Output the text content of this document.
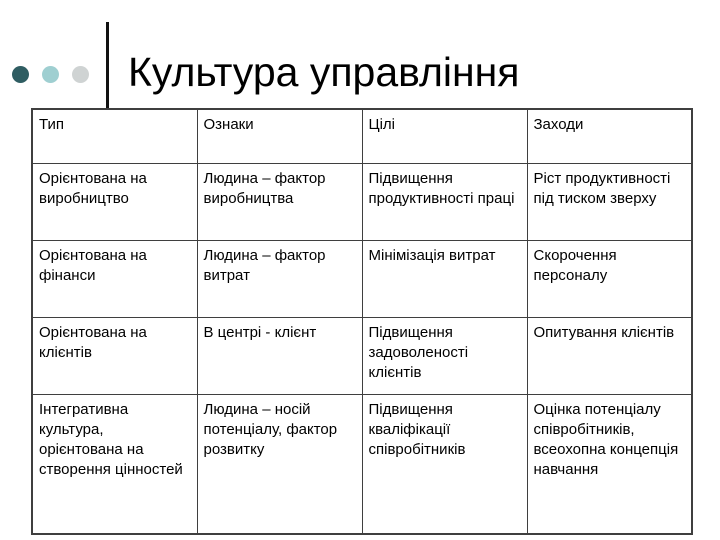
Культура управління
Тип	Ознаки	Цілі	Заходи
Орієнтована на виробництво	Людина – фактор виробництва	Підвищення продуктивності праці	Ріст продуктивності під тиском зверху
Орієнтована на фінанси	Людина – фактор витрат	Мінімізація витрат	Скорочення персоналу
Орієнтована на клієнтів	В центрі - клієнт	Підвищення задоволеності клієнтів	Опитування клієнтів
Інтегративна культура, орієнтована на створення цінностей	Людина – носій потенціалу, фактор розвитку	Підвищення кваліфікації співробітників	Оцінка потенціалу співробітників, всеохопна концепція навчання
